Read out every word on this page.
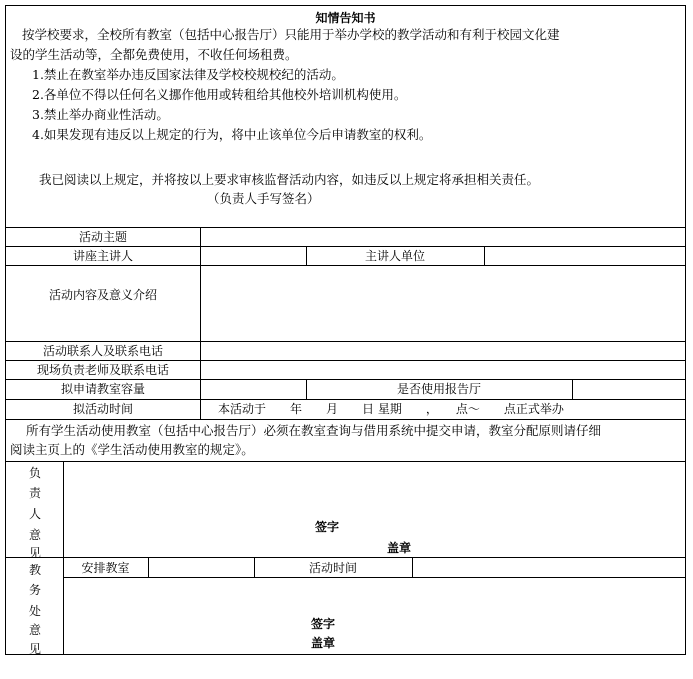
知情告知书
按学校要求，全校所有教室（包括中心报告厅）只能用于举办学校的教学活动和有利于校园文化建
设的学生活动等，全都免费使用，不收任何场租费。
1.禁止在教室举办违反国家法律及学校校规校纪的活动。
2.各单位不得以任何名义挪作他用或转租给其他校外培训机构使用。
3.禁止举办商业性活动。
4.如果发现有违反以上规定的行为，将中止该单位今后申请教室的权利。
我已阅读以上规定，并将按以上要求审核监督活动内容，如违反以上规定将承担相关责任。
（负责人手写签名）
活动主题
讲座主讲人	主讲人单位
活动内容及意义介绍
活动联系人及联系电话
现场负责老师及联系电话
拟申请教室容量	是否使用报告厅
拟活动时间	本活动于　　年　　月　　日 星期　　，　　点～　　点正式举办
所有学生活动使用教室（包括中心报告厅）必须在教室查询与借用系统中提交申请，教室分配原则请仔细
阅读主页上的《学生活动使用教室的规定》。
负
责
人
意
见
签字
盖章
教
务
处
意
见
安排教室	活动时间
签字
盖章
